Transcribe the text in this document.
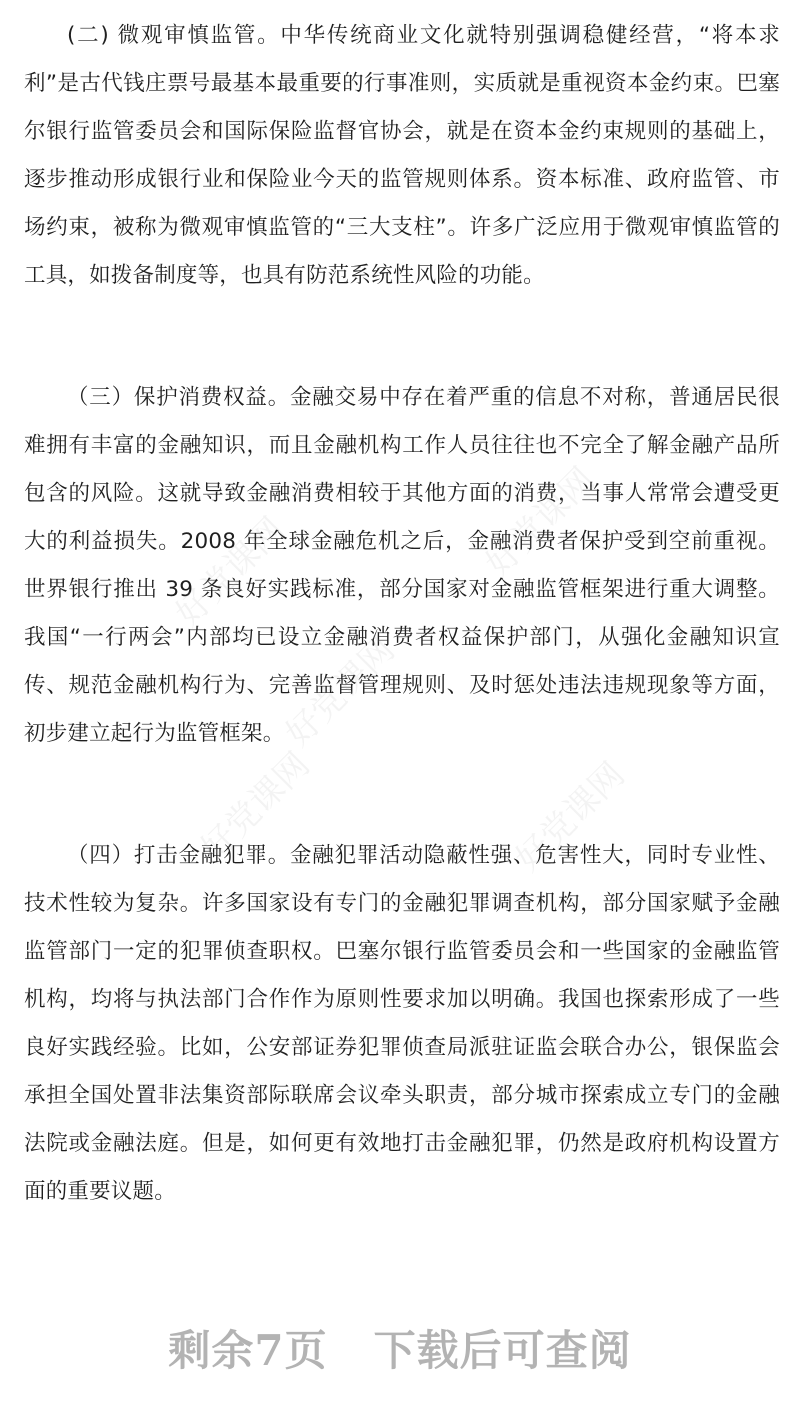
(二) 微观审慎监管。中华传统商业文化就特别强调稳健经营，“将本求利”是古代钱庄票号最基本最重要的行事准则，实质就是重视资本金约束。巴塞尔银行监管委员会和国际保险监督官协会，就是在资本金约束规则的基础上，逐步推动形成银行业和保险业今天的监管规则体系。资本标准、政府监管、市场约束，被称为微观审慎监管的“三大支柱”。许多广泛应用于微观审慎监管的工具，如拨备制度等，也具有防范系统性风险的功能。

（三）保护消费权益。金融交易中存在着严重的信息不对称，普通居民很难拥有丰富的金融知识，而且金融机构工作人员往往也不完全了解金融产品所包含的风险。这就导致金融消费相较于其他方面的消费，当事人常常会遭受更大的利益损失。2008 年全球金融危机之后，金融消费者保护受到空前重视。世界银行推出 39 条良好实践标准，部分国家对金融监管框架进行重大调整。我国“一行两会”内部均已设立金融消费者权益保护部门，从强化金融知识宣传、规范金融机构行为、完善监督管理规则、及时惩处违法违规现象等方面，初步建立起行为监管框架。

（四）打击金融犯罪。金融犯罪活动隐蔽性强、危害性大，同时专业性、技术性较为复杂。许多国家设有专门的金融犯罪调查机构，部分国家赋予金融监管部门一定的犯罪侦查职权。巴塞尔银行监管委员会和一些国家的金融监管机构，均将与执法部门合作作为原则性要求加以明确。我国也探索形成了一些良好实践经验。比如，公安部证券犯罪侦查局派驻证监会联合办公，银保监会承担全国处置非法集资部际联席会议牵头职责，部分城市探索成立专门的金融法院或金融法庭。但是，如何更有效地打击金融犯罪，仍然是政府机构设置方面的重要议题。

好党课网	好党课网
好党课网
好党课网	好党课网
剩余7页 下载后可查阅
